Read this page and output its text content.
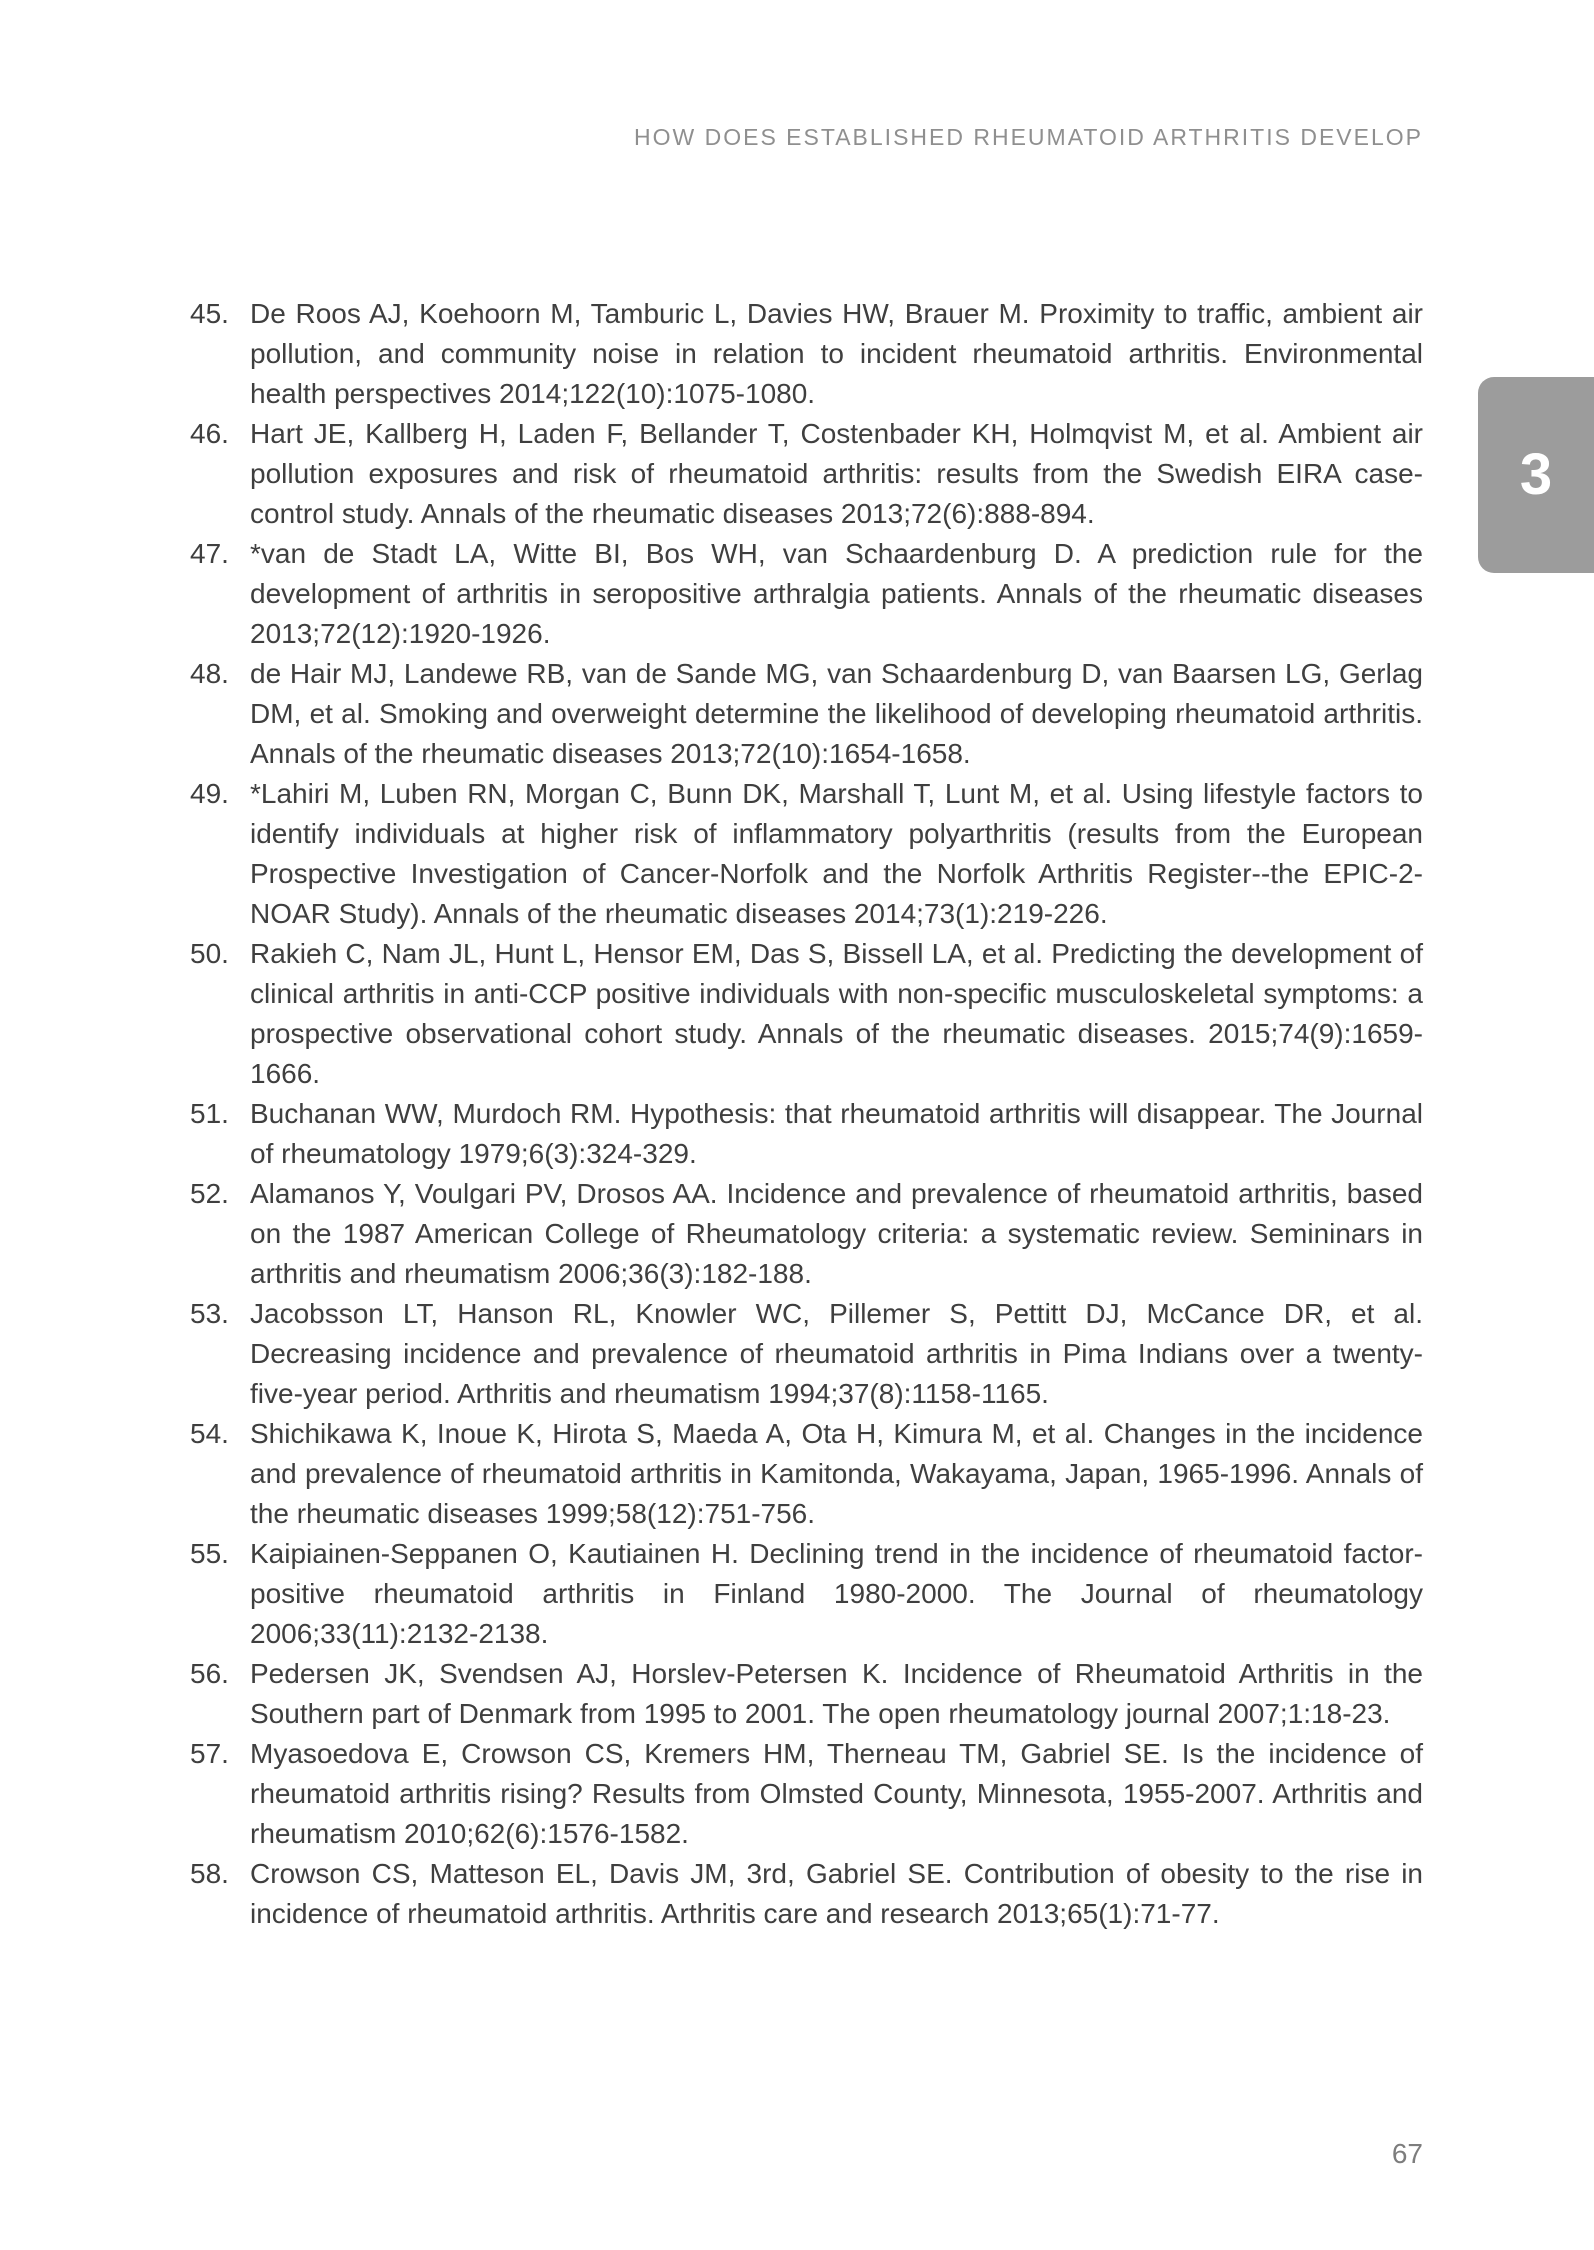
HOW DOES ESTABLISHED RHEUMATOID ARTHRITIS DEVELOP
3
45. De Roos AJ, Koehoorn M, Tamburic L, Davies HW, Brauer M. Proximity to traffic, ambient air pollution, and community noise in relation to incident rheumatoid arthritis. Environmental health perspectives 2014;122(10):1075-1080.
46. Hart JE, Kallberg H, Laden F, Bellander T, Costenbader KH, Holmqvist M, et al. Ambient air pollution exposures and risk of rheumatoid arthritis: results from the Swedish EIRA case-control study. Annals of the rheumatic diseases 2013;72(6):888-894.
47. *van de Stadt LA, Witte BI, Bos WH, van Schaardenburg D. A prediction rule for the development of arthritis in seropositive arthralgia patients. Annals of the rheumatic diseases 2013;72(12):1920-1926.
48. de Hair MJ, Landewe RB, van de Sande MG, van Schaardenburg D, van Baarsen LG, Gerlag DM, et al. Smoking and overweight determine the likelihood of developing rheumatoid arthritis. Annals of the rheumatic diseases 2013;72(10):1654-1658.
49. *Lahiri M, Luben RN, Morgan C, Bunn DK, Marshall T, Lunt M, et al. Using lifestyle factors to identify individuals at higher risk of inflammatory polyarthritis (results from the European Prospective Investigation of Cancer-Norfolk and the Norfolk Arthritis Register--the EPIC-2-NOAR Study). Annals of the rheumatic diseases 2014;73(1):219-226.
50. Rakieh C, Nam JL, Hunt L, Hensor EM, Das S, Bissell LA, et al. Predicting the development of clinical arthritis in anti-CCP positive individuals with non-specific musculoskeletal symptoms: a prospective observational cohort study. Annals of the rheumatic diseases. 2015;74(9):1659-1666.
51. Buchanan WW, Murdoch RM. Hypothesis: that rheumatoid arthritis will disappear. The Journal of rheumatology 1979;6(3):324-329.
52. Alamanos Y, Voulgari PV, Drosos AA. Incidence and prevalence of rheumatoid arthritis, based on the 1987 American College of Rheumatology criteria: a systematic review. Semininars in arthritis and rheumatism 2006;36(3):182-188.
53. Jacobsson LT, Hanson RL, Knowler WC, Pillemer S, Pettitt DJ, McCance DR, et al. Decreasing incidence and prevalence of rheumatoid arthritis in Pima Indians over a twenty-five-year period. Arthritis and rheumatism 1994;37(8):1158-1165.
54. Shichikawa K, Inoue K, Hirota S, Maeda A, Ota H, Kimura M, et al. Changes in the incidence and prevalence of rheumatoid arthritis in Kamitonda, Wakayama, Japan, 1965-1996. Annals of the rheumatic diseases 1999;58(12):751-756.
55. Kaipiainen-Seppanen O, Kautiainen H. Declining trend in the incidence of rheumatoid factor-positive rheumatoid arthritis in Finland 1980-2000. The Journal of rheumatology 2006;33(11):2132-2138.
56. Pedersen JK, Svendsen AJ, Horslev-Petersen K. Incidence of Rheumatoid Arthritis in the Southern part of Denmark from 1995 to 2001. The open rheumatology journal 2007;1:18-23.
57. Myasoedova E, Crowson CS, Kremers HM, Therneau TM, Gabriel SE. Is the incidence of rheumatoid arthritis rising? Results from Olmsted County, Minnesota, 1955-2007. Arthritis and rheumatism 2010;62(6):1576-1582.
58. Crowson CS, Matteson EL, Davis JM, 3rd, Gabriel SE. Contribution of obesity to the rise in incidence of rheumatoid arthritis. Arthritis care and research 2013;65(1):71-77.
67
